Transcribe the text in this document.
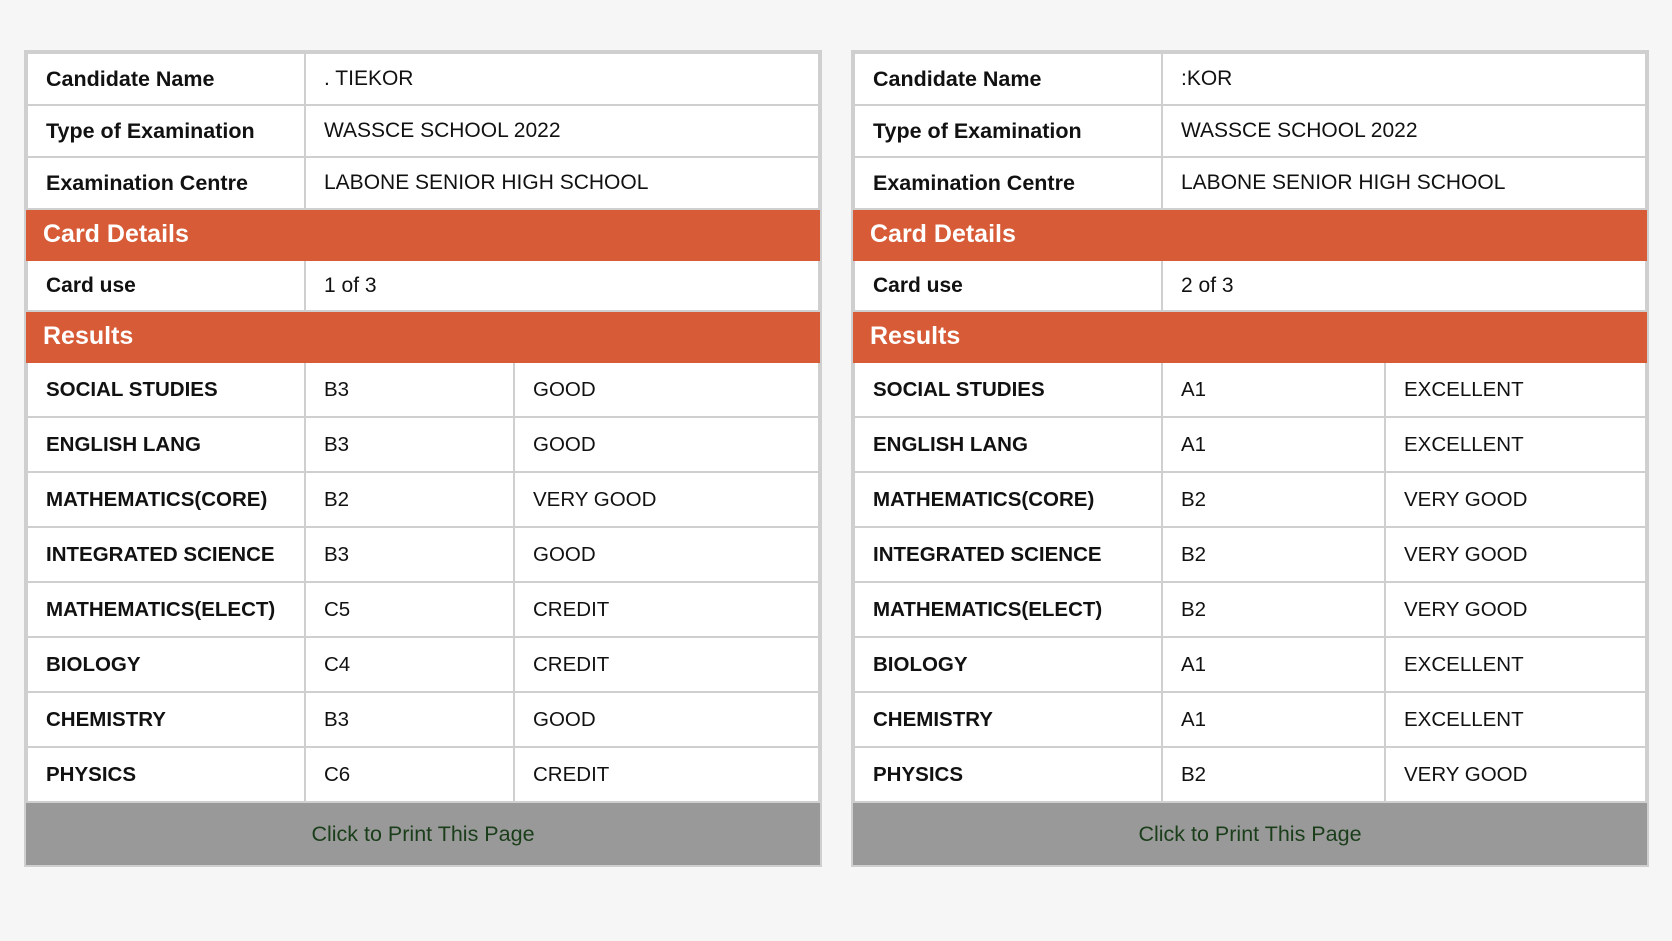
Candidate Name	. TIEKOR	
Type of Examination	WASSCE SCHOOL 2022	
Examination Centre	LABONE SENIOR HIGH SCHOOL	
Card Details		
Card use	1 of 3	
Results		
SOCIAL STUDIES	B3	GOOD
ENGLISH LANG	B3	GOOD
MATHEMATICS(CORE)	B2	VERY GOOD
INTEGRATED SCIENCE	B3	GOOD
MATHEMATICS(ELECT)	C5	CREDIT
BIOLOGY	C4	CREDIT
CHEMISTRY	B3	GOOD
PHYSICS	C6	CREDIT
Click to Print This Page
Candidate Name	:KOR	
Type of Examination	WASSCE SCHOOL 2022	
Examination Centre	LABONE SENIOR HIGH SCHOOL	
Card Details		
Card use	2 of 3	
Results		
SOCIAL STUDIES	A1	EXCELLENT
ENGLISH LANG	A1	EXCELLENT
MATHEMATICS(CORE)	B2	VERY GOOD
INTEGRATED SCIENCE	B2	VERY GOOD
MATHEMATICS(ELECT)	B2	VERY GOOD
BIOLOGY	A1	EXCELLENT
CHEMISTRY	A1	EXCELLENT
PHYSICS	B2	VERY GOOD
Click to Print This Page
